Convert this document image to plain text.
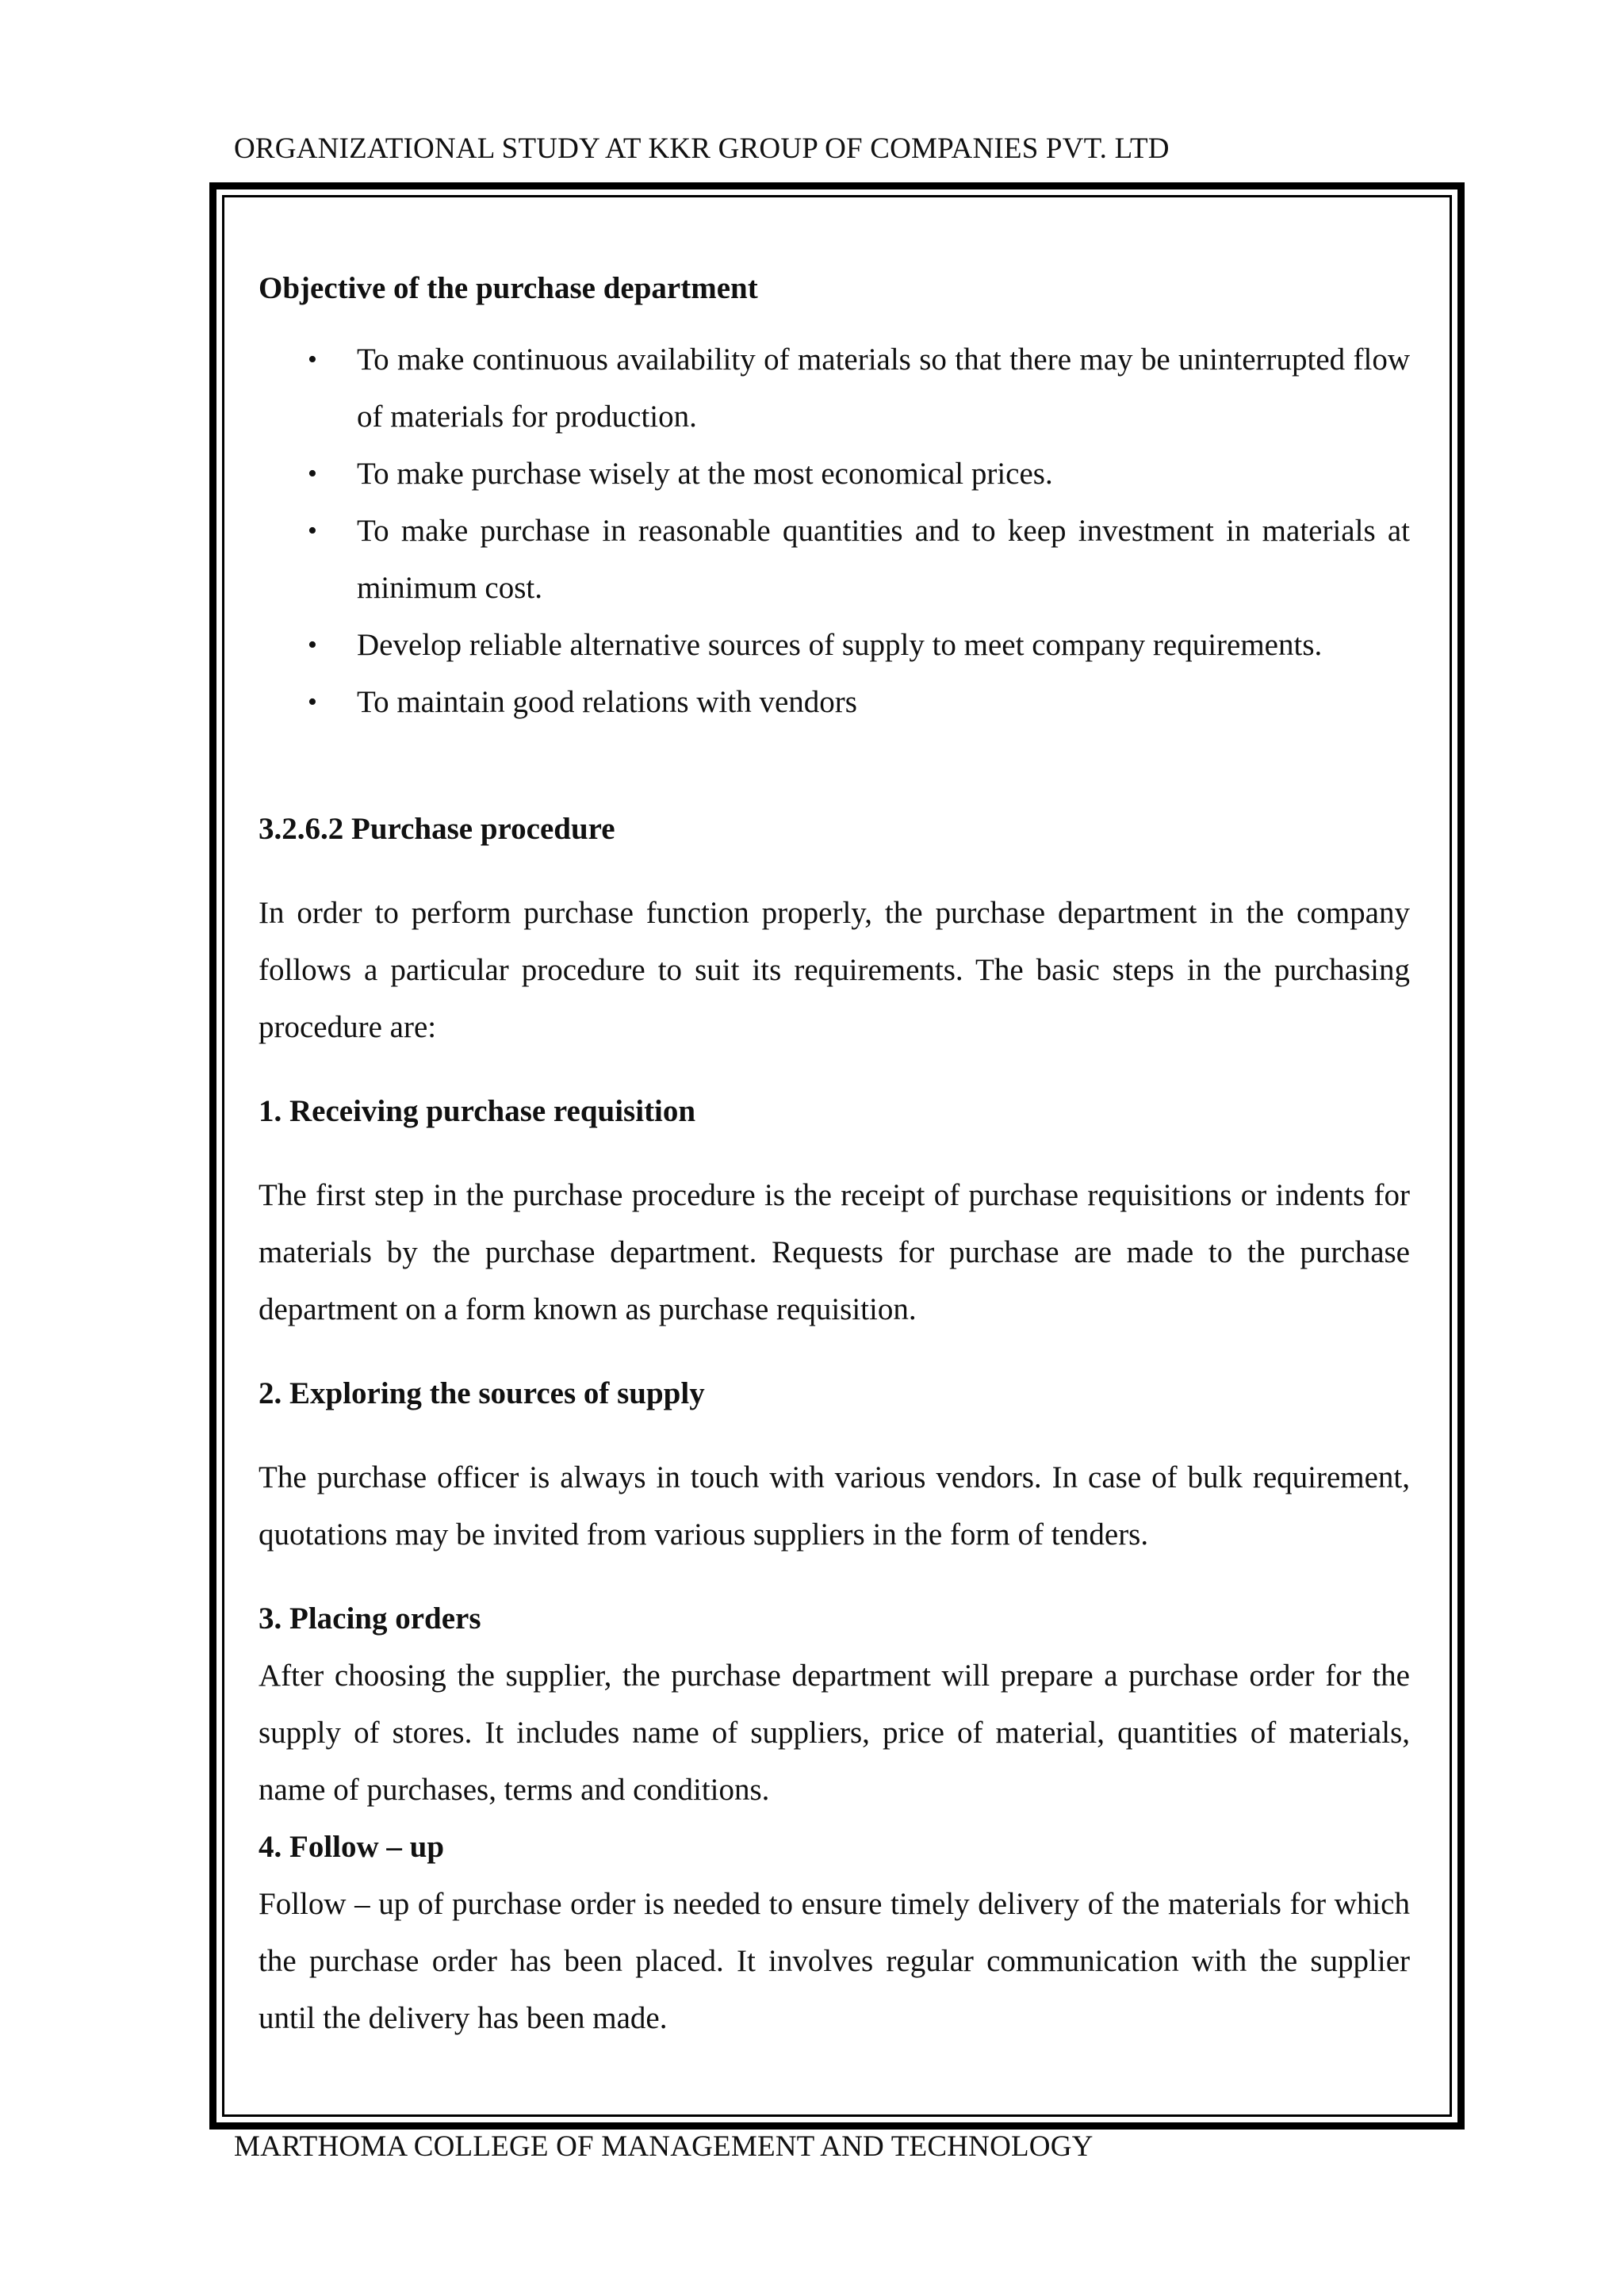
ORGANIZATIONAL STUDY AT KKR GROUP OF COMPANIES PVT. LTD

Objective of the purchase department

• To make continuous availability of materials so that there may be uninterrupted flow of materials for production.
• To make purchase wisely at the most economical prices.
• To make purchase in reasonable quantities and to keep investment in materials at minimum cost.
• Develop reliable alternative sources of supply to meet company requirements.
• To maintain good relations with vendors

3.2.6.2 Purchase procedure

In order to perform purchase function properly, the purchase department in the company follows a particular procedure to suit its requirements. The basic steps in the purchasing procedure are:

1. Receiving purchase requisition

The first step in the purchase procedure is the receipt of purchase requisitions or indents for materials by the purchase department. Requests for purchase are made to the purchase department on a form known as purchase requisition.

2. Exploring the sources of supply

The purchase officer is always in touch with various vendors. In case of bulk requirement, quotations may be invited from various suppliers in the form of tenders.

3. Placing orders

After choosing the supplier, the purchase department will prepare a purchase order for the supply of stores. It includes name of suppliers, price of material, quantities of materials, name of purchases, terms and conditions.

4. Follow – up

Follow – up of purchase order is needed to ensure timely delivery of the materials for which the purchase order has been placed. It involves regular communication with the supplier until the delivery has been made.

MARTHOMA COLLEGE OF MANAGEMENT AND TECHNOLOGY
